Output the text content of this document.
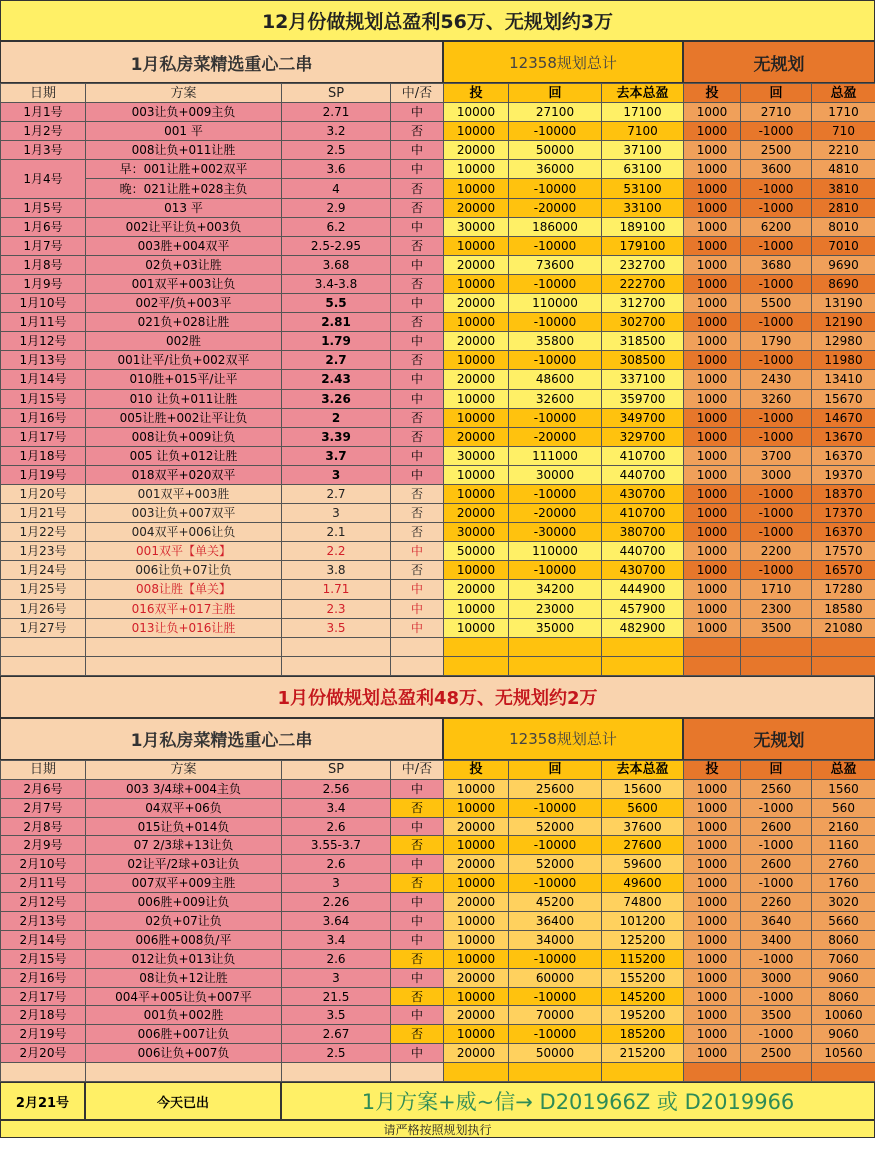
12月份做规划总盈利56万、无规划约3万
1月私房菜精选重心二串	12358规划总计	无规划
日期	方案	SP	中/否	投	回	去本总盈	投	回	总盈
1月1号	003让负+009主负	2.71	中	10000	27100	17100	1000	2710	1710
1月2号	001 平	3.2	否	10000	-10000	7100	1000	-1000	710
1月3号	008让负+011让胜	2.5	中	20000	50000	37100	1000	2500	2210
1月4号	早：001让胜+002双平	3.6	中	10000	36000	63100	1000	3600	4810
	晚：021让胜+028主负	4	否	10000	-10000	53100	1000	-1000	3810
1月5号	013 平	2.9	否	20000	-20000	33100	1000	-1000	2810
1月6号	002让平让负+003负	6.2	中	30000	186000	189100	1000	6200	8010
1月7号	003胜+004双平	2.5-2.95	否	10000	-10000	179100	1000	-1000	7010
1月8号	02负+03让胜	3.68	中	20000	73600	232700	1000	3680	9690
1月9号	001双平+003让负	3.4-3.8	否	10000	-10000	222700	1000	-1000	8690
1月10号	002平/负+003平	5.5	中	20000	110000	312700	1000	5500	13190
1月11号	021负+028让胜	2.81	否	10000	-10000	302700	1000	-1000	12190
1月12号	002胜	1.79	中	20000	35800	318500	1000	1790	12980
1月13号	001让平/让负+002双平	2.7	否	10000	-10000	308500	1000	-1000	11980
1月14号	010胜+015平/让平	2.43	中	20000	48600	337100	1000	2430	13410
1月15号	010 让负+011让胜	3.26	中	10000	32600	359700	1000	3260	15670
1月16号	005让胜+002让平让负	2	否	10000	-10000	349700	1000	-1000	14670
1月17号	008让负+009让负	3.39	否	20000	-20000	329700	1000	-1000	13670
1月18号	005 让负+012让胜	3.7	中	30000	111000	410700	1000	3700	16370
1月19号	018双平+020双平	3	中	10000	30000	440700	1000	3000	19370
1月20号	001双平+003胜	2.7	否	10000	-10000	430700	1000	-1000	18370
1月21号	003让负+007双平	3	否	20000	-20000	410700	1000	-1000	17370
1月22号	004双平+006让负	2.1	否	30000	-30000	380700	1000	-1000	16370
1月23号	001双平【单关】	2.2	中	50000	110000	440700	1000	2200	17570
1月24号	006让负+07让负	3.8	否	10000	-10000	430700	1000	-1000	16570
1月25号	008让胜【单关】	1.71	中	20000	34200	444900	1000	1710	17280
1月26号	016双平+017主胜	2.3	中	10000	23000	457900	1000	2300	18580
1月27号	013让负+016让胜	3.5	中	10000	35000	482900	1000	3500	21080

1月份做规划总盈利48万、无规划约2万
1月私房菜精选重心二串	12358规划总计	无规划
日期	方案	SP	中/否	投	回	去本总盈	投	回	总盈
2月6号	003 3/4球+004主负	2.56	中	10000	25600	15600	1000	2560	1560
2月7号	04双平+06负	3.4	否	10000	-10000	5600	1000	-1000	560
2月8号	015让负+014负	2.6	中	20000	52000	37600	1000	2600	2160
2月9号	07 2/3球+13让负	3.55-3.7	否	10000	-10000	27600	1000	-1000	1160
2月10号	02让平/2球+03让负	2.6	中	20000	52000	59600	1000	2600	2760
2月11号	007双平+009主胜	3	否	10000	-10000	49600	1000	-1000	1760
2月12号	006胜+009让负	2.26	中	20000	45200	74800	1000	2260	3020
2月13号	02负+07让负	3.64	中	10000	36400	101200	1000	3640	5660
2月14号	006胜+008负/平	3.4	中	10000	34000	125200	1000	3400	8060
2月15号	012让负+013让负	2.6	否	10000	-10000	115200	1000	-1000	7060
2月16号	08让负+12让胜	3	中	20000	60000	155200	1000	3000	9060
2月17号	004平+005让负+007平	21.5	否	10000	-10000	145200	1000	-1000	8060
2月18号	001负+002胜	3.5	中	20000	70000	195200	1000	3500	10060
2月19号	006胜+007让负	2.67	否	10000	-10000	185200	1000	-1000	9060
2月20号	006让负+007负	2.5	中	20000	50000	215200	1000	2500	10560

2月21号	今天已出	1月方案+威~信→ D201966Z 或 D2019966
请严格按照规划执行
